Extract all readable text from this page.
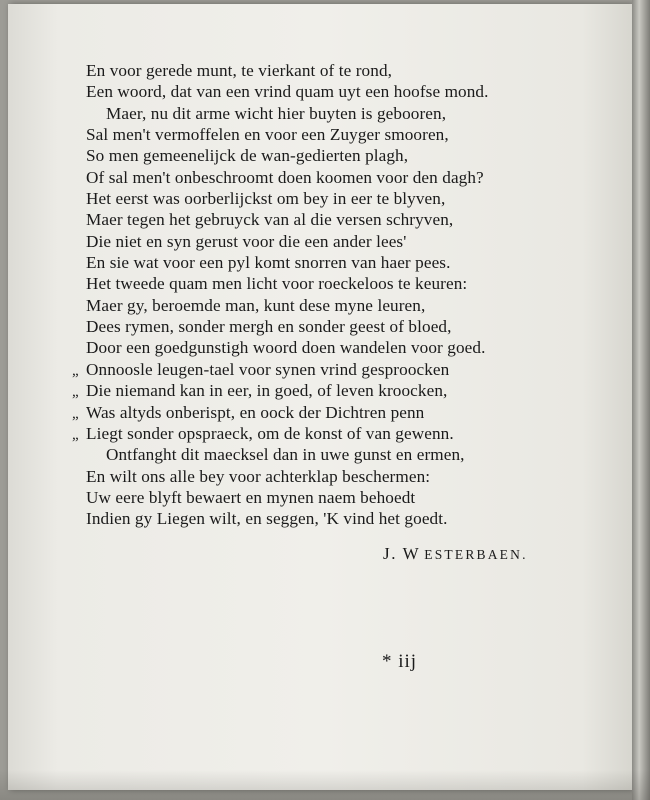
En voor gerede munt, te vierkant of te rond,
Een woord, dat van een vrind quam uyt een hoofse mond.
Maer, nu dit arme wicht hier buyten is gebooren,
Sal men't vermoffelen en voor een Zuyger smooren,
So men gemeenelijck de wan-gedierten plagh,
Of sal men't onbeschroomt doen koomen voor den dagh?
Het eerst was oorberlijckst om bey in eer te blyven,
Maer tegen het gebruyck van al die versen schryven,
Die niet en syn gerust voor die een ander lees'
En sie wat voor een pyl komt snorren van haer pees.
Het tweede quam men licht voor roeckeloos te keuren:
Maer gy, beroemde man, kunt dese myne leuren,
Dees rymen, sonder mergh en sonder geest of bloed,
Door een goedgunstigh woord doen wandelen voor goed.
„ Onnoosle leugen-tael voor synen vrind gesproocken
„ Die niemand kan in eer, in goed, of leven kroocken,
„ Was altyds onberispt, en oock der Dichtren penn
„ Liegt sonder opspraeck, om de konst of van gewenn.
Ontfanght dit maecksel dan in uwe gunst en ermen,
En wilt ons alle bey voor achterklap beschermen:
Uw eere blyft bewaert en mynen naem behoedt
Indien gy Liegen wilt, en seggen, 'K vind het goedt.
J. W ESTERBAEN.
* iij
